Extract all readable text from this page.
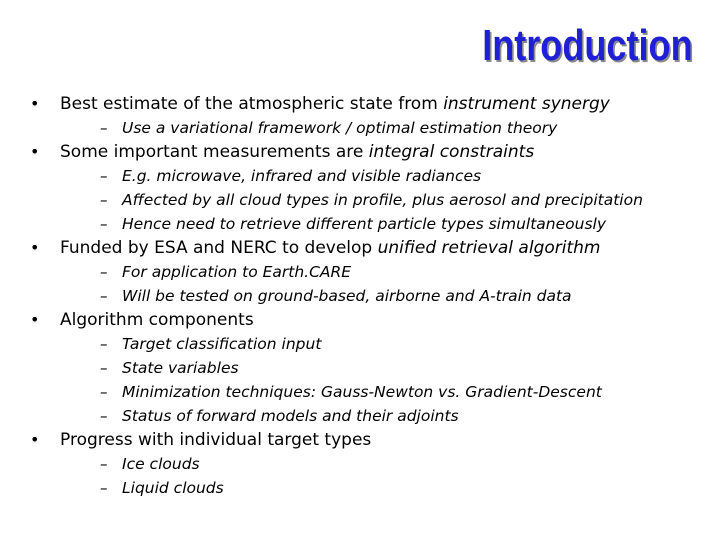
Introduction
• Best estimate of the atmospheric state from instrument synergy
– Use a variational framework / optimal estimation theory
• Some important measurements are integral constraints
– E.g. microwave, infrared and visible radiances
– Affected by all cloud types in profile, plus aerosol and precipitation
– Hence need to retrieve different particle types simultaneously
• Funded by ESA and NERC to develop unified retrieval algorithm
– For application to Earth.CARE
– Will be tested on ground-based, airborne and A-train data
• Algorithm components
– Target classification input
– State variables
– Minimization techniques: Gauss-Newton vs. Gradient-Descent
– Status of forward models and their adjoints
• Progress with individual target types
– Ice clouds
– Liquid clouds
